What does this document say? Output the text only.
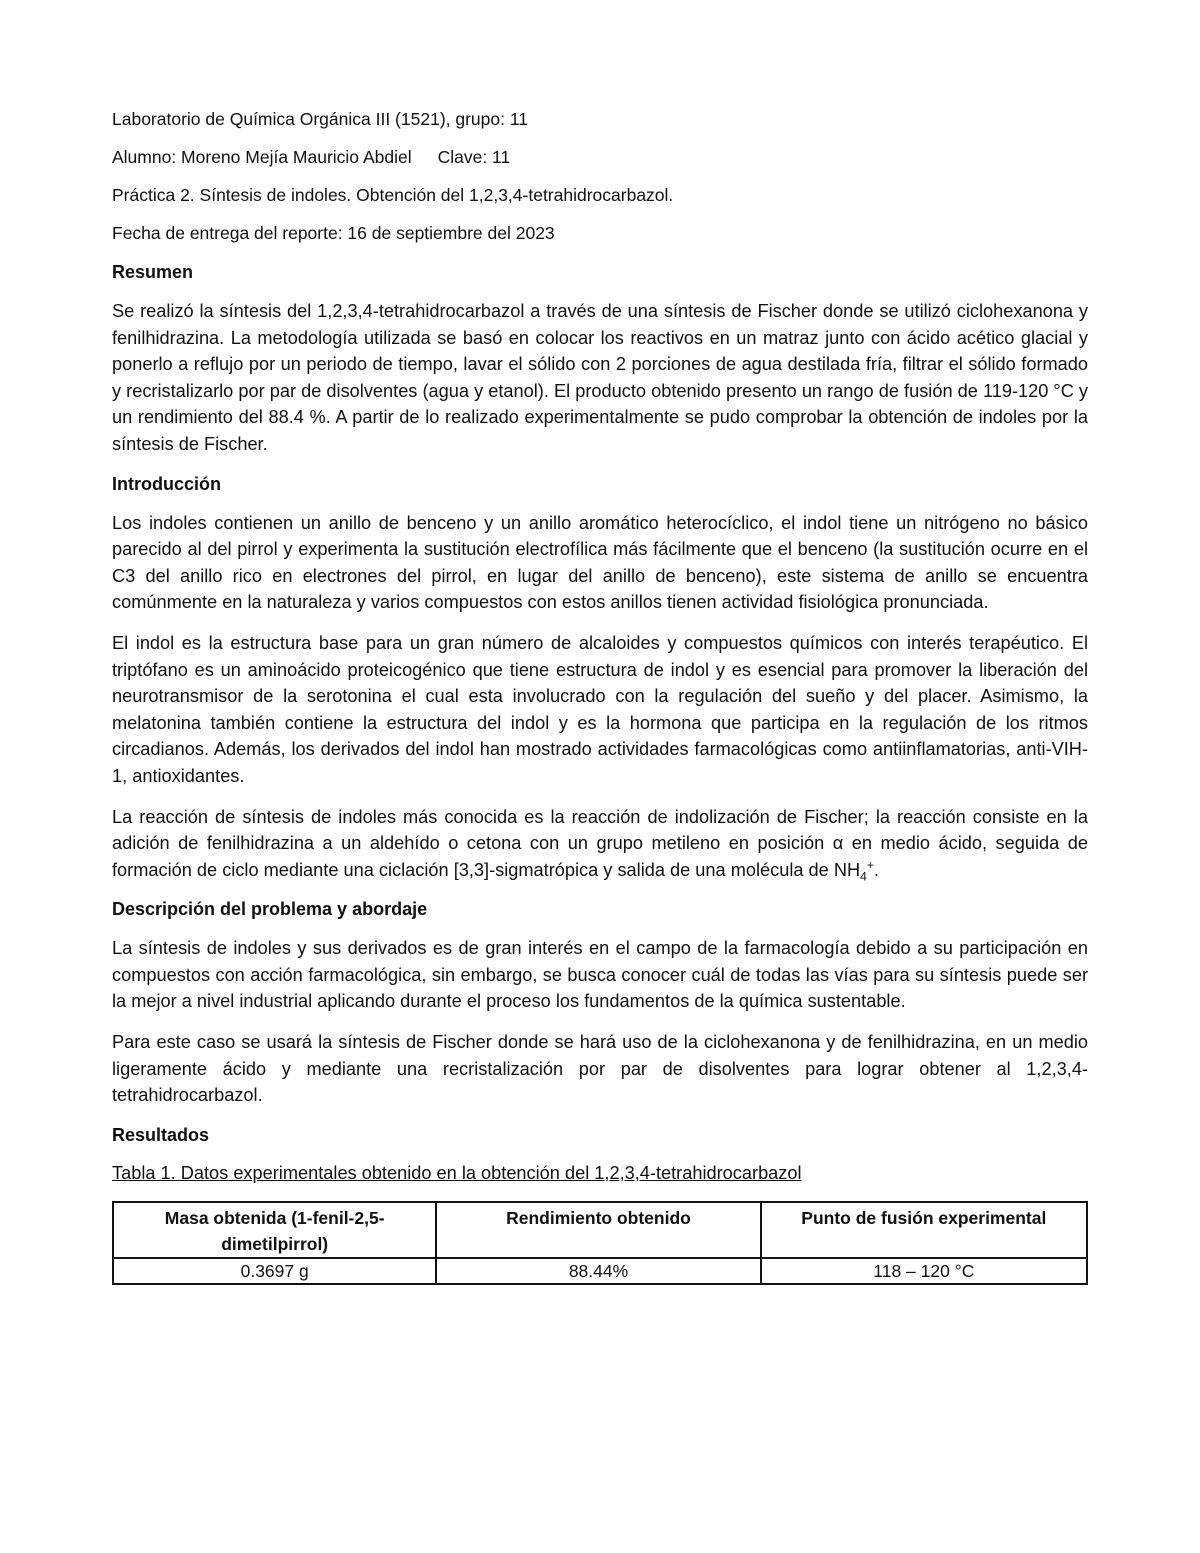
Laboratorio de Química Orgánica III (1521), grupo: 11

Alumno: Moreno Mejía Mauricio Abdiel Clave: 11

Práctica 2. Síntesis de indoles. Obtención del 1,2,3,4-tetrahidrocarbazol.

Fecha de entrega del reporte: 16 de septiembre del 2023

Resumen

Se realizó la síntesis del 1,2,3,4-tetrahidrocarbazol a través de una síntesis de Fischer donde se utilizó ciclohexanona y fenilhidrazina. La metodología utilizada se basó en colocar los reactivos en un matraz junto con ácido acético glacial y ponerlo a reflujo por un periodo de tiempo, lavar el sólido con 2 porciones de agua destilada fría, filtrar el sólido formado y recristalizarlo por par de disolventes (agua y etanol). El producto obtenido presento un rango de fusión de 119-120 °C y un rendimiento del 88.4 %. A partir de lo realizado experimentalmente se pudo comprobar la obtención de indoles por la síntesis de Fischer.

Introducción

Los indoles contienen un anillo de benceno y un anillo aromático heterocíclico, el indol tiene un nitrógeno no básico parecido al del pirrol y experimenta la sustitución electrofílica más fácilmente que el benceno (la sustitución ocurre en el C3 del anillo rico en electrones del pirrol, en lugar del anillo de benceno), este sistema de anillo se encuentra comúnmente en la naturaleza y varios compuestos con estos anillos tienen actividad fisiológica pronunciada.

El indol es la estructura base para un gran número de alcaloides y compuestos químicos con interés terapéutico. El triptófano es un aminoácido proteicogénico que tiene estructura de indol y es esencial para promover la liberación del neurotransmisor de la serotonina el cual esta involucrado con la regulación del sueño y del placer. Asimismo, la melatonina también contiene la estructura del indol y es la hormona que participa en la regulación de los ritmos circadianos. Además, los derivados del indol han mostrado actividades farmacológicas como antiinflamatorias, anti-VIH-1, antioxidantes.

La reacción de síntesis de indoles más conocida es la reacción de indolización de Fischer; la reacción consiste en la adición de fenilhidrazina a un aldehído o cetona con un grupo metileno en posición α en medio ácido, seguida de formación de ciclo mediante una ciclación [3,3]-sigmatrópica y salida de una molécula de $NH_4^+$.

Descripción del problema y abordaje

La síntesis de indoles y sus derivados es de gran interés en el campo de la farmacología debido a su participación en compuestos con acción farmacológica, sin embargo, se busca conocer cuál de todas las vías para su síntesis puede ser la mejor a nivel industrial aplicando durante el proceso los fundamentos de la química sustentable.

Para este caso se usará la síntesis de Fischer donde se hará uso de la ciclohexanona y de fenilhidrazina, en un medio ligeramente ácido y mediante una recristalización por par de disolventes para lograr obtener al 1,2,3,4-tetrahidrocarbazol.

Resultados

Tabla 1. Datos experimentales obtenido en la obtención del 1,2,3,4-tetrahidrocarbazol

Masa obtenida (1-fenil-2,5-dimetilpirrol)	Rendimiento obtenido	Punto de fusión experimental
0.3697 g	88.44%	118 – 120 °C
